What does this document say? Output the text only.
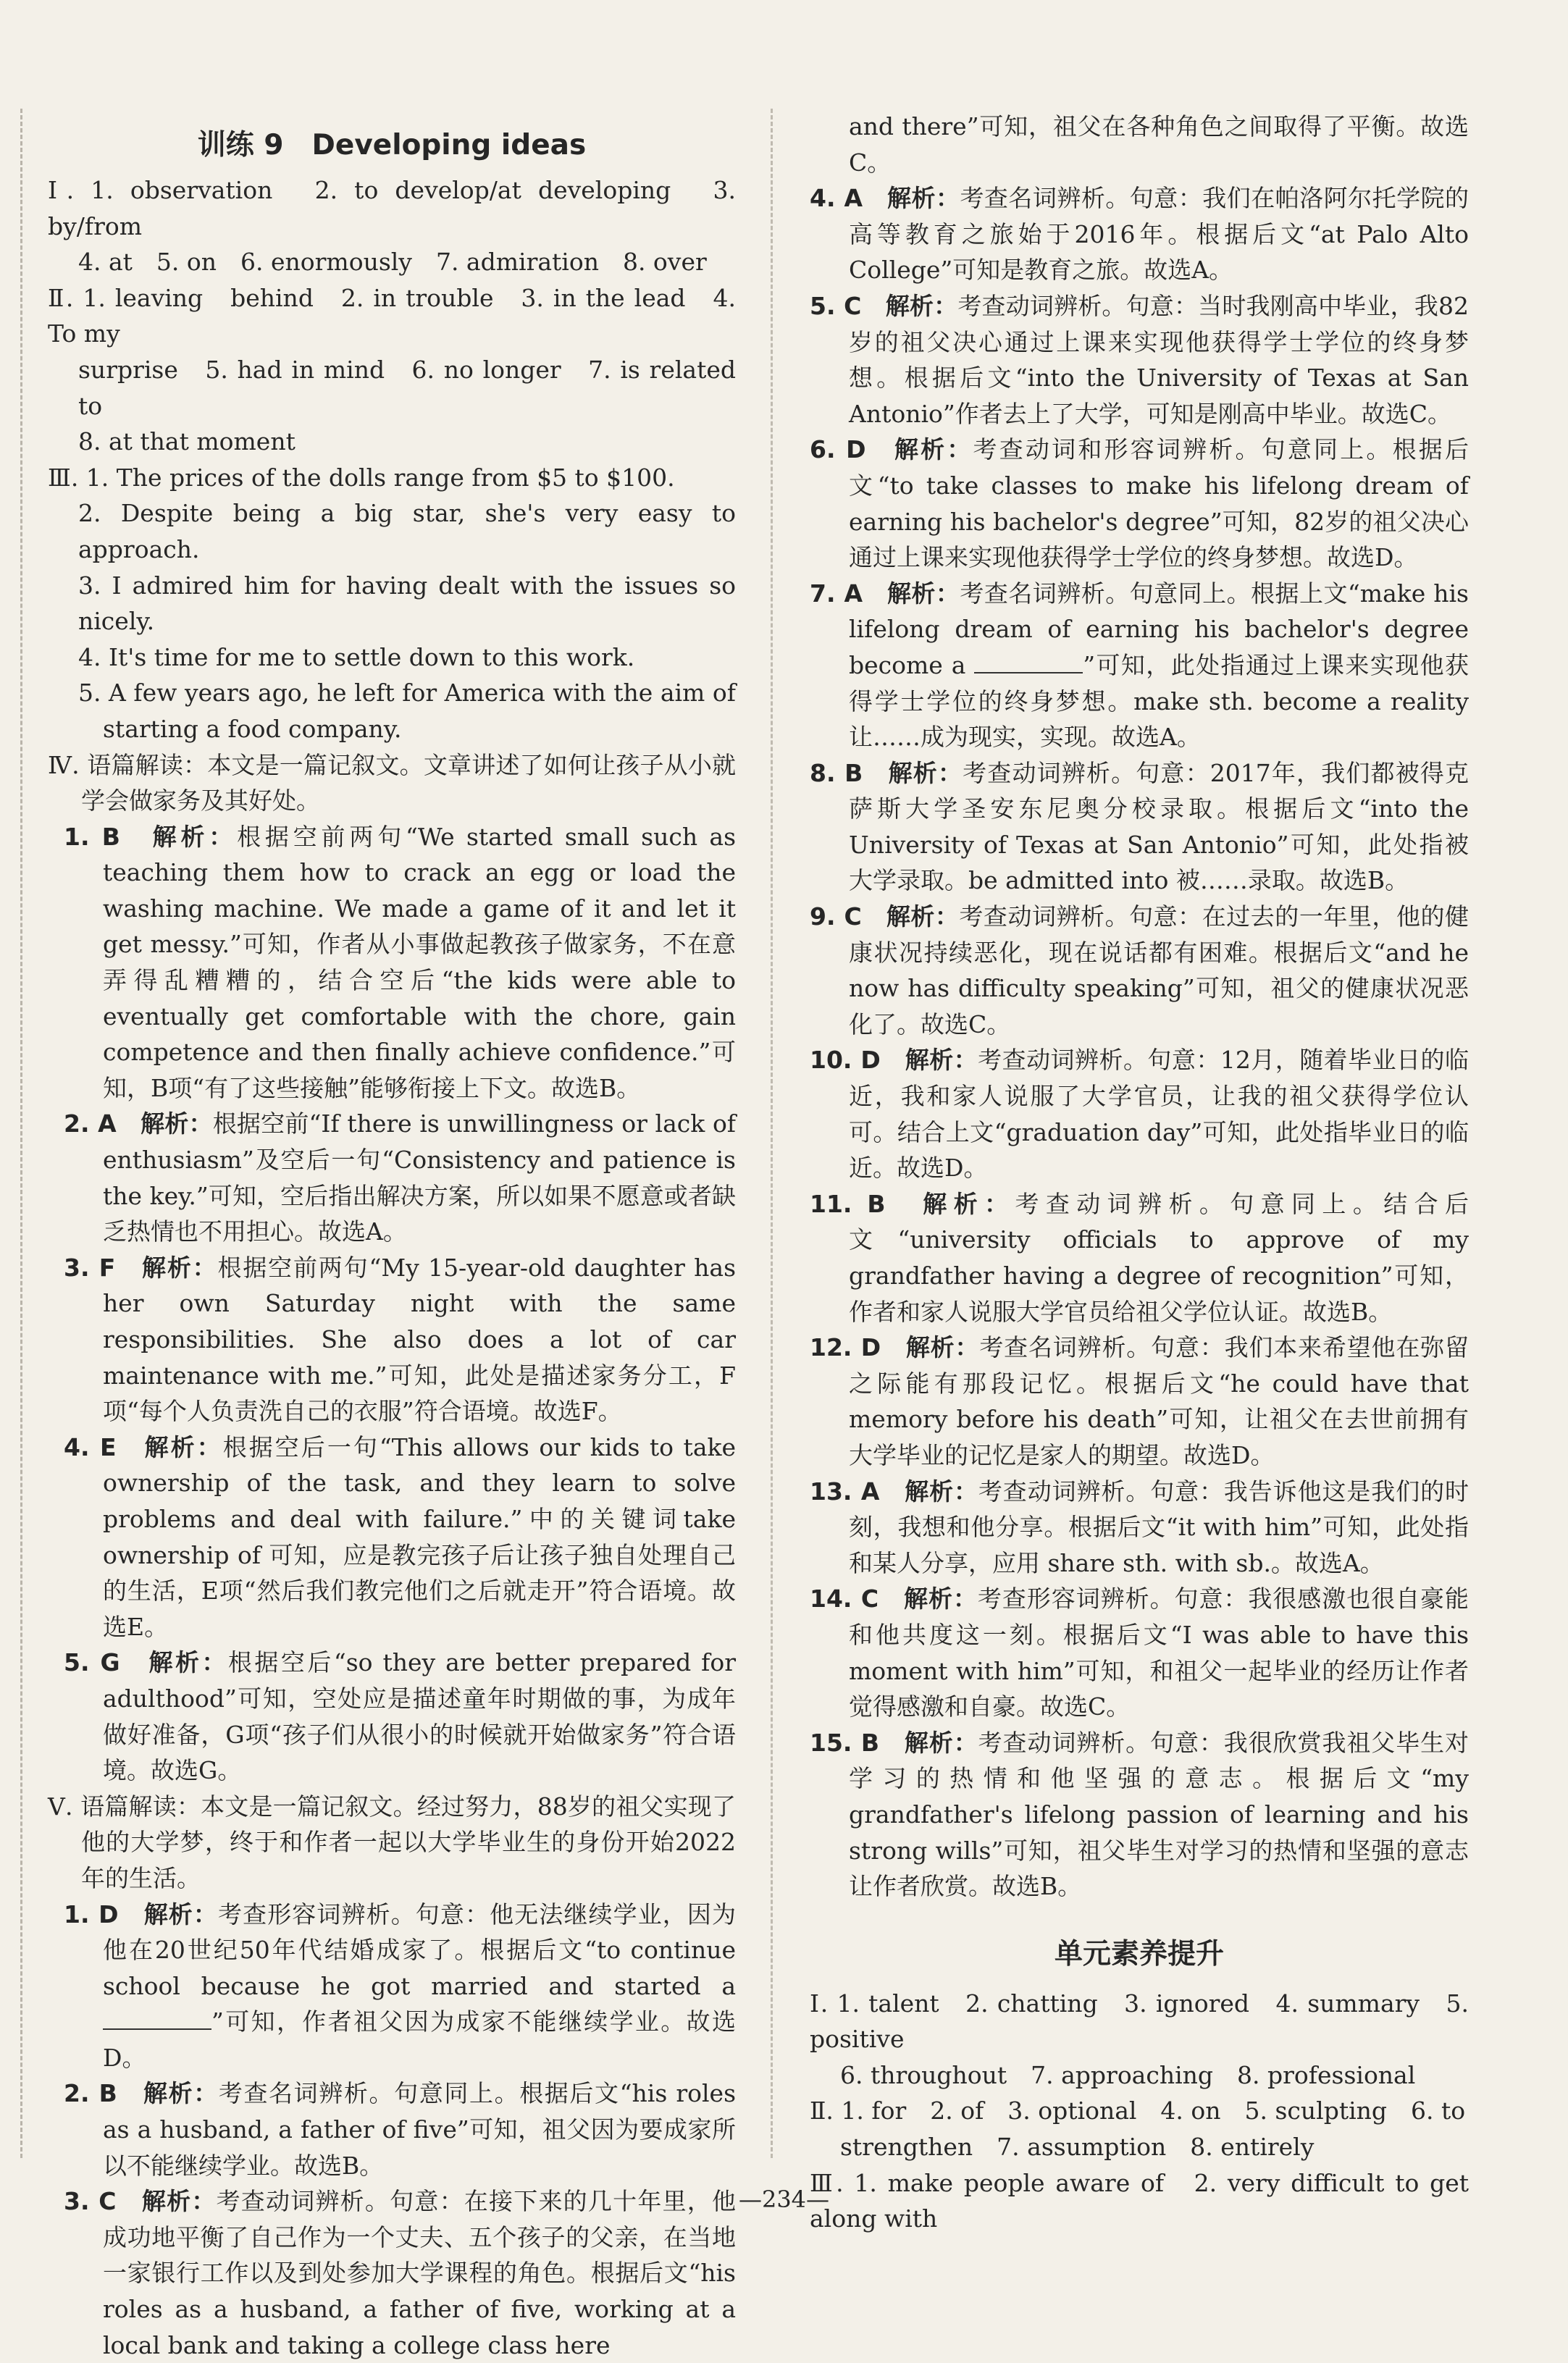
训练 9　Developing ideas

Ⅰ. 1. observation　2. to develop/at developing　3. by/from

4. at　5. on　6. enormously　7. admiration　8. over

Ⅱ. 1. leaving　behind　2. in trouble　3. in the lead　4. To my

surprise　5. had in mind　6. no longer　7. is related to

8. at that moment

Ⅲ. 1. The prices of the dolls range from $5 to $100.

2. Despite being a big star, she's very easy to approach.

3. I admired him for having dealt with the issues so nicely.

4. It's time for me to settle down to this work.

5. A few years ago, he left for America with the aim of starting a food company.

Ⅳ. 语篇解读：本文是一篇记叙文。文章讲述了如何让孩子从小就学会做家务及其好处。

1. B　 解析：根据空前两句“We started small such as teaching them how to crack an egg or load the washing machine. We made a game of it and let it get messy.”可知，作者从小事做起教孩子做家务，不在意弄得乱糟糟的，结合空后“the kids were able to eventually get comfortable with the chore, gain competence and then finally achieve confidence.”可知，B项“有了这些接触”能够衔接上下文。故选B。

2. A　 解析：根据空前“If there is unwillingness or lack of enthusiasm”及空后一句“Consistency and patience is the key.”可知，空后指出解决方案，所以如果不愿意或者缺乏热情也不用担心。故选A。

3. F　 解析：根据空前两句“My 15-year-old daughter has her own Saturday night with the same responsibilities. She also does a lot of car maintenance with me.”可知，此处是描述家务分工，F项“每个人负责洗自己的衣服”符合语境。故选F。

4. E　 解析：根据空后一句“This allows our kids to take ownership of the task, and they learn to solve problems and deal with failure.”中的关键词take ownership of 可知，应是教完孩子后让孩子独自处理自己的生活，E项“然后我们教完他们之后就走开”符合语境。故选E。

5. G　 解析：根据空后“so they are better prepared for adulthood”可知，空处应是描述童年时期做的事，为成年做好准备，G项“孩子们从很小的时候就开始做家务”符合语境。故选G。

Ⅴ. 语篇解读：本文是一篇记叙文。经过努力，88岁的祖父实现了他的大学梦，终于和作者一起以大学毕业生的身份开始2022年的生活。

1. D　 解析：考查形容词辨析。句意：他无法继续学业，因为他在20世纪50年代结婚成家了。根据后文“to continue school because he got married and started a ”可知，作者祖父因为成家不能继续学业。故选D。

2. B　 解析：考查名词辨析。句意同上。根据后文“his roles as a husband, a father of five”可知，祖父因为要成家所以不能继续学业。故选B。

3. C　 解析：考查动词辨析。句意：在接下来的几十年里，他成功地平衡了自己作为一个丈夫、五个孩子的父亲，在当地一家银行工作以及到处参加大学课程的角色。根据后文“his roles as a husband, a father of five, working at a local bank and taking a college class here

and there”可知，祖父在各种角色之间取得了平衡。故选C。

4. A　 解析：考查名词辨析。句意：我们在帕洛阿尔托学院的高等教育之旅始于2016年。根据后文“at Palo Alto College”可知是教育之旅。故选A。

5. C　 解析：考查动词辨析。句意：当时我刚高中毕业，我82岁的祖父决心通过上课来实现他获得学士学位的终身梦想。根据后文“into the University of Texas at San Antonio”作者去上了大学，可知是刚高中毕业。故选C。

6. D　 解析：考查动词和形容词辨析。句意同上。根据后文“to take classes to make his lifelong dream of earning his bachelor's degree”可知，82岁的祖父决心通过上课来实现他获得学士学位的终身梦想。故选D。

7. A　 解析：考查名词辨析。句意同上。根据上文“make his lifelong dream of earning his bachelor's degree become a	”可知，此处指通过上课来实现他获得学士学位的终身梦想。make sth. become a reality 让……成为现实，实现。故选A。

8. B　 解析：考查动词辨析。句意：2017年，我们都被得克萨斯大学圣安东尼奥分校录取。根据后文“into the University of Texas at San Antonio”可知，此处指被大学录取。be admitted into 被……录取。故选B。

9. C　 解析：考查动词辨析。句意：在过去的一年里，他的健康状况持续恶化，现在说话都有困难。根据后文“and he now has difficulty speaking”可知，祖父的健康状况恶化了。故选C。

10. D　 解析：考查动词辨析。句意：12月，随着毕业日的临近，我和家人说服了大学官员，让我的祖父获得学位认可。结合上文“graduation day”可知，此处指毕业日的临近。故选D。

11. B　 解析：考查动词辨析。句意同上。结合后文“university officials to approve of my grandfather having a degree of recognition”可知，作者和家人说服大学官员给祖父学位认证。故选B。

12. D　 解析：考查名词辨析。句意：我们本来希望他在弥留之际能有那段记忆。根据后文“he could have that memory before his death”可知，让祖父在去世前拥有大学毕业的记忆是家人的期望。故选D。

13. A　 解析：考查动词辨析。句意：我告诉他这是我们的时刻，我想和他分享。根据后文“it with him”可知，此处指和某人分享，应用 share sth. with sb.。故选A。

14. C　 解析：考查形容词辨析。句意：我很感激也很自豪能和他共度这一刻。根据后文“I was able to have this moment with him”可知，和祖父一起毕业的经历让作者觉得感激和自豪。故选C。

15. B　 解析：考查动词辨析。句意：我很欣赏我祖父毕生对学习的热情和他坚强的意志。根据后文“my grandfather's lifelong passion of learning and his strong wills”可知，祖父毕生对学习的热情和坚强的意志让作者欣赏。故选B。

单元素养提升

Ⅰ. 1. talent　2. chatting　3. ignored　4. summary　5. positive

6. throughout　7. approaching　8. professional

Ⅱ. 1. for　2. of　3. optional　4. on　5. sculpting　6. to

strengthen　7. assumption　8. entirely

Ⅲ. 1. make people aware of　2. very difficult to get along with

—234—
